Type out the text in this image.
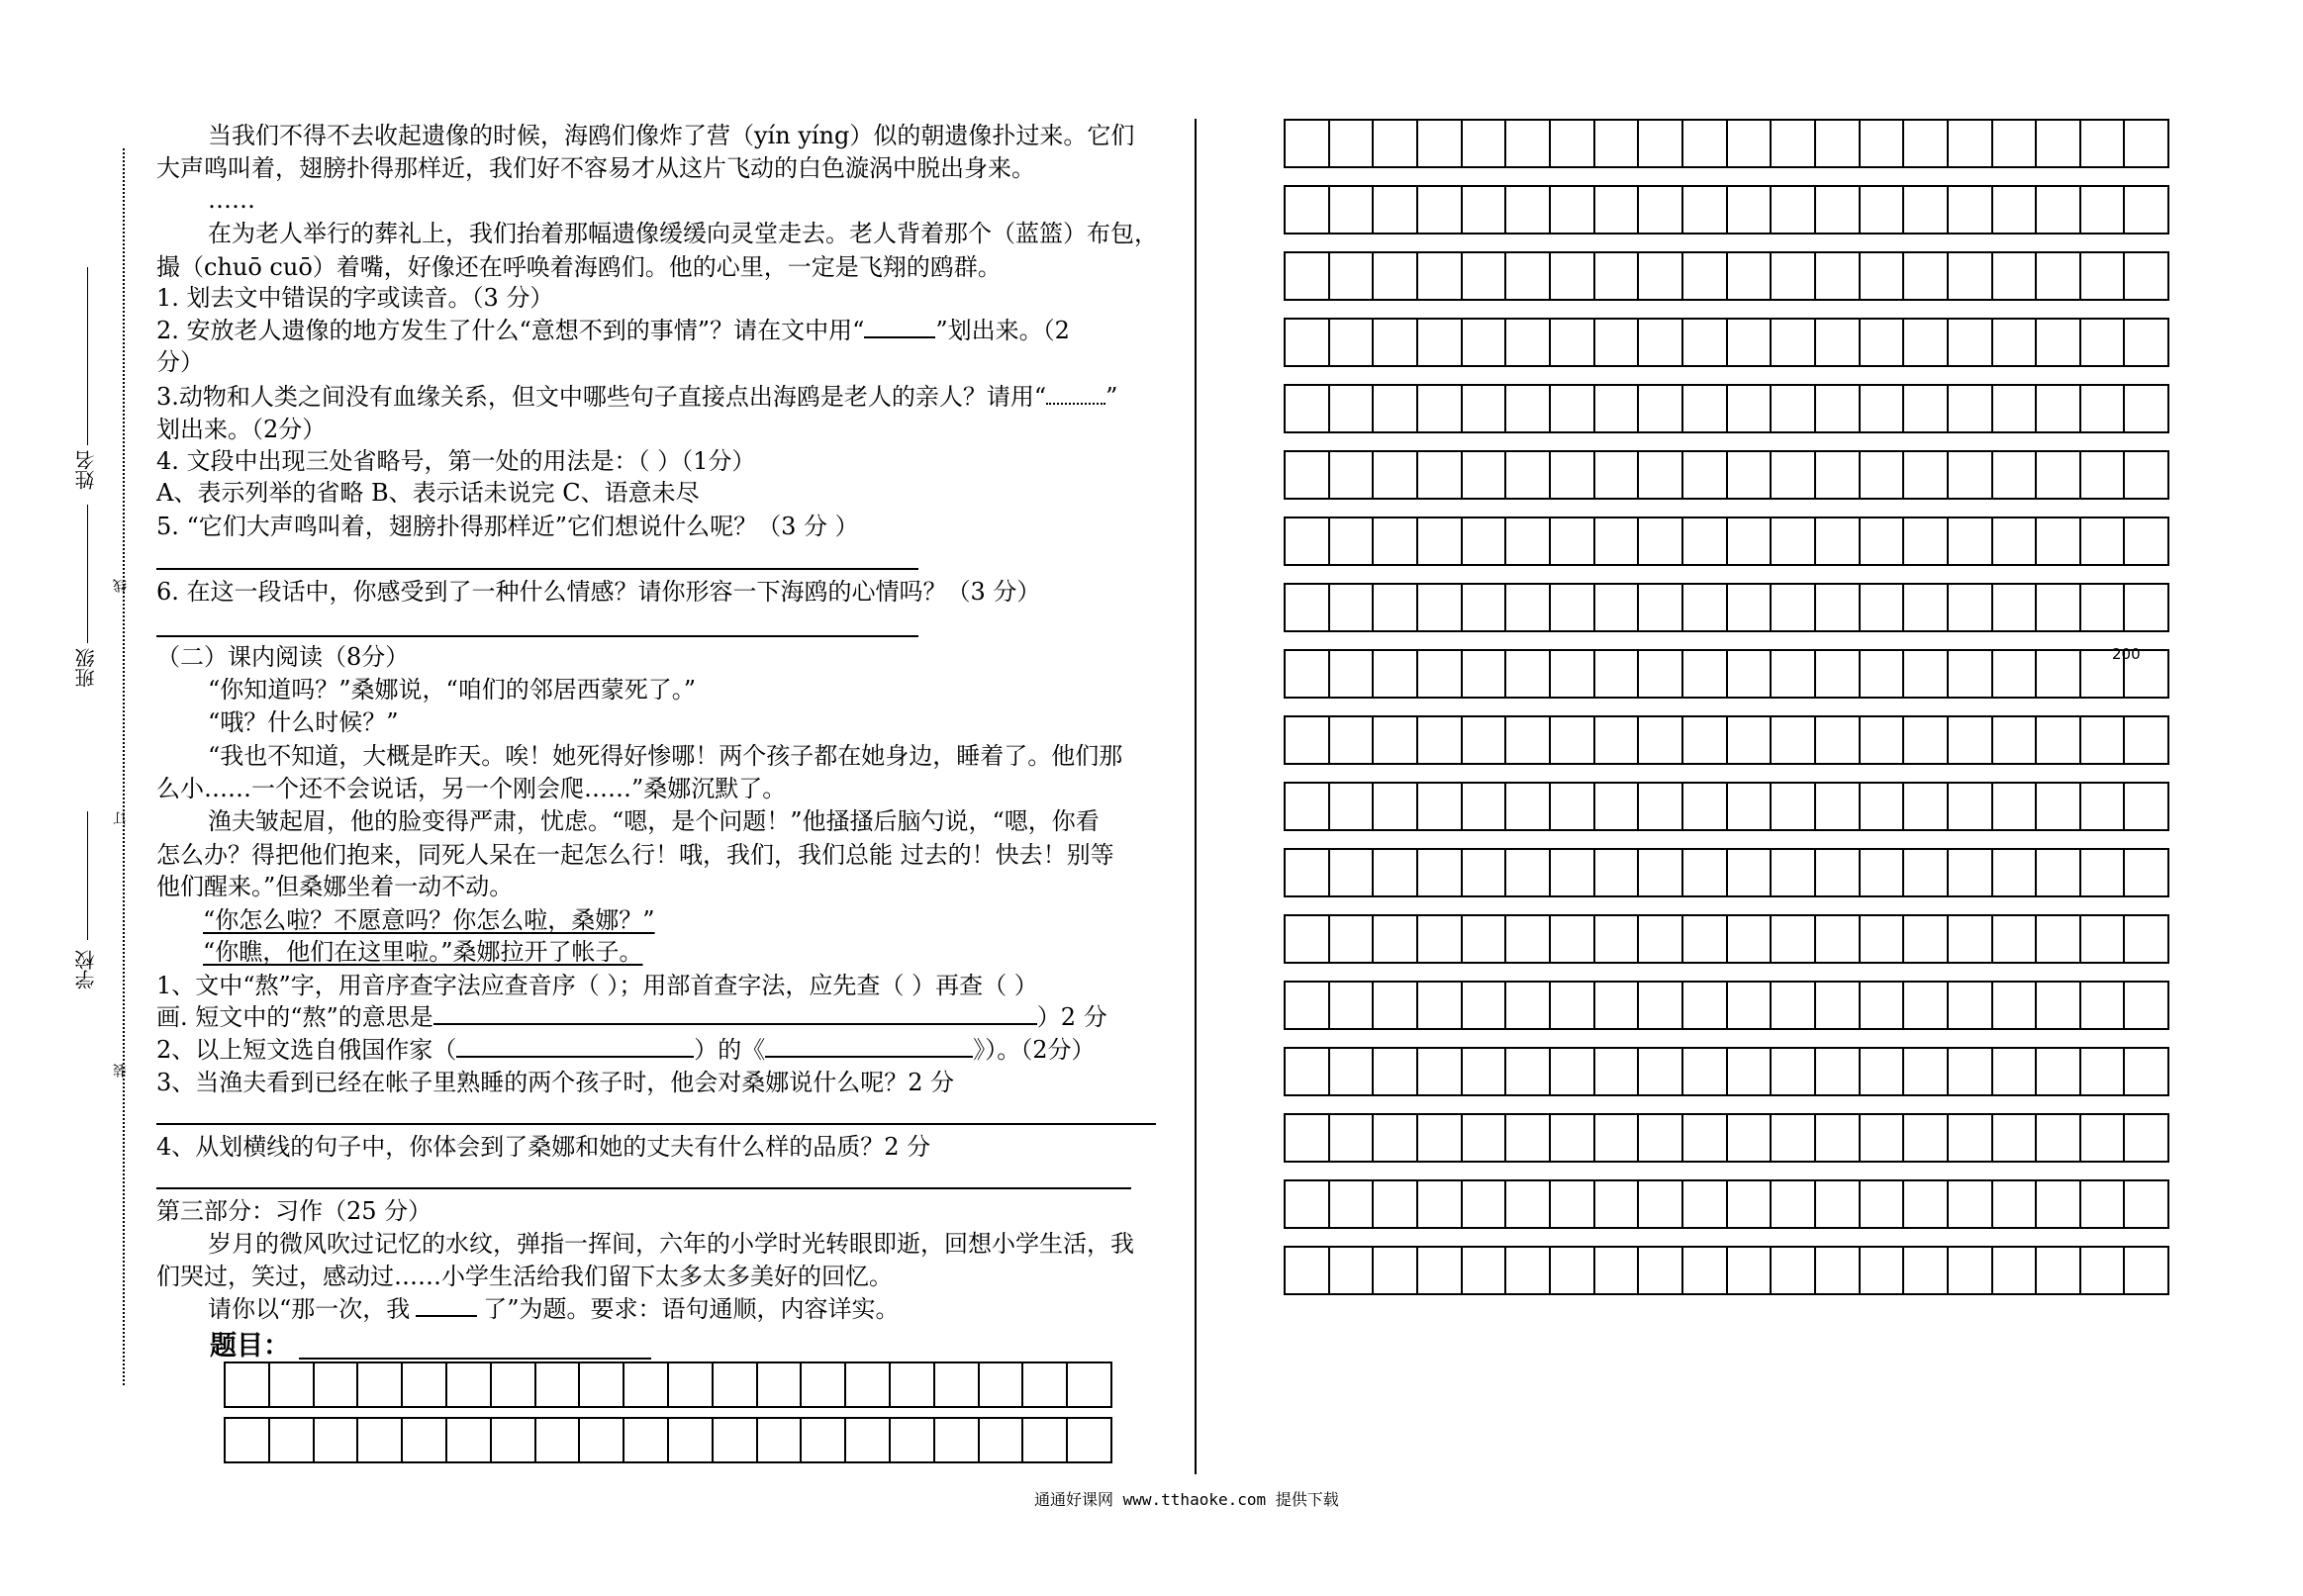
姓名
线
班级
订
学校
装
当我们不得不去收起遗像的时候，海鸥们像炸了营（yín yíng）似的朝遗像扑过来。它们
大声鸣叫着，翅膀扑得那样近，我们好不容易才从这片飞动的白色漩涡中脱出身来。
……
在为老人举行的葬礼上，我们抬着那幅遗像缓缓向灵堂走去。老人背着那个（蓝篮）布包，
撮（chuō cuō）着嘴，好像还在呼唤着海鸥们。他的心里，一定是飞翔的鸥群。
1. 划去文中错误的字或读音。（3 分）
2. 安放老人遗像的地方发生了什么“意想不到的事情”？请在文中用“	”划出来。（2
分）
3.动物和人类之间没有血缘关系，但文中哪些句子直接点出海鸥是老人的亲人？请用“	”
划出来。（2分）
4. 文段中出现三处省略号，第一处的用法是：（ ）（1分）
A、表示列举的省略 B、表示话未说完 C、语意未尽
5. “它们大声鸣叫着，翅膀扑得那样近”它们想说什么呢？（3 分 ）
6. 在这一段话中，你感受到了一种什么情感？请你形容一下海鸥的心情吗？（3 分）
（二）课内阅读（8分）
“你知道吗？”桑娜说，“咱们的邻居西蒙死了。”
“哦？什么时候？”
“我也不知道，大概是昨天。唉！她死得好惨哪！两个孩子都在她身边，睡着了。他们那
么小……一个还不会说话，另一个刚会爬……”桑娜沉默了。
渔夫皱起眉，他的脸变得严肃，忧虑。“嗯，是个问题！”他搔搔后脑勺说，“嗯，你看
怎么办？得把他们抱来，同死人呆在一起怎么行！哦，我们，我们总能 过去的！快去！别等
他们醒来。”但桑娜坐着一动不动。
“你怎么啦？不愿意吗？你怎么啦，桑娜？”
“你瞧，他们在这里啦。”桑娜拉开了帐子。
1、文中“熬”字，用音序查字法应查音序（ ）；用部首查字法，应先查（ ）再查（ ）
画. 短文中的“熬”的意思是	）2 分
2、以上短文选自俄国作家（	）的《	》）。（2分）
3、当渔夫看到已经在帐子里熟睡的两个孩子时，他会对桑娜说什么呢？2 分
4、从划横线的句子中，你体会到了桑娜和她的丈夫有什么样的品质？2 分
第三部分：习作（25 分）
岁月的微风吹过记忆的水纹，弹指一挥间，六年的小学时光转眼即逝，回想小学生活，我
们哭过，笑过，感动过……小学生活给我们留下太多太多美好的回忆。
请你以“那一次，我	了”为题。要求：语句通顺，内容详实。
题目：
200
通通好课网 www.tthaoke.com 提供下载
